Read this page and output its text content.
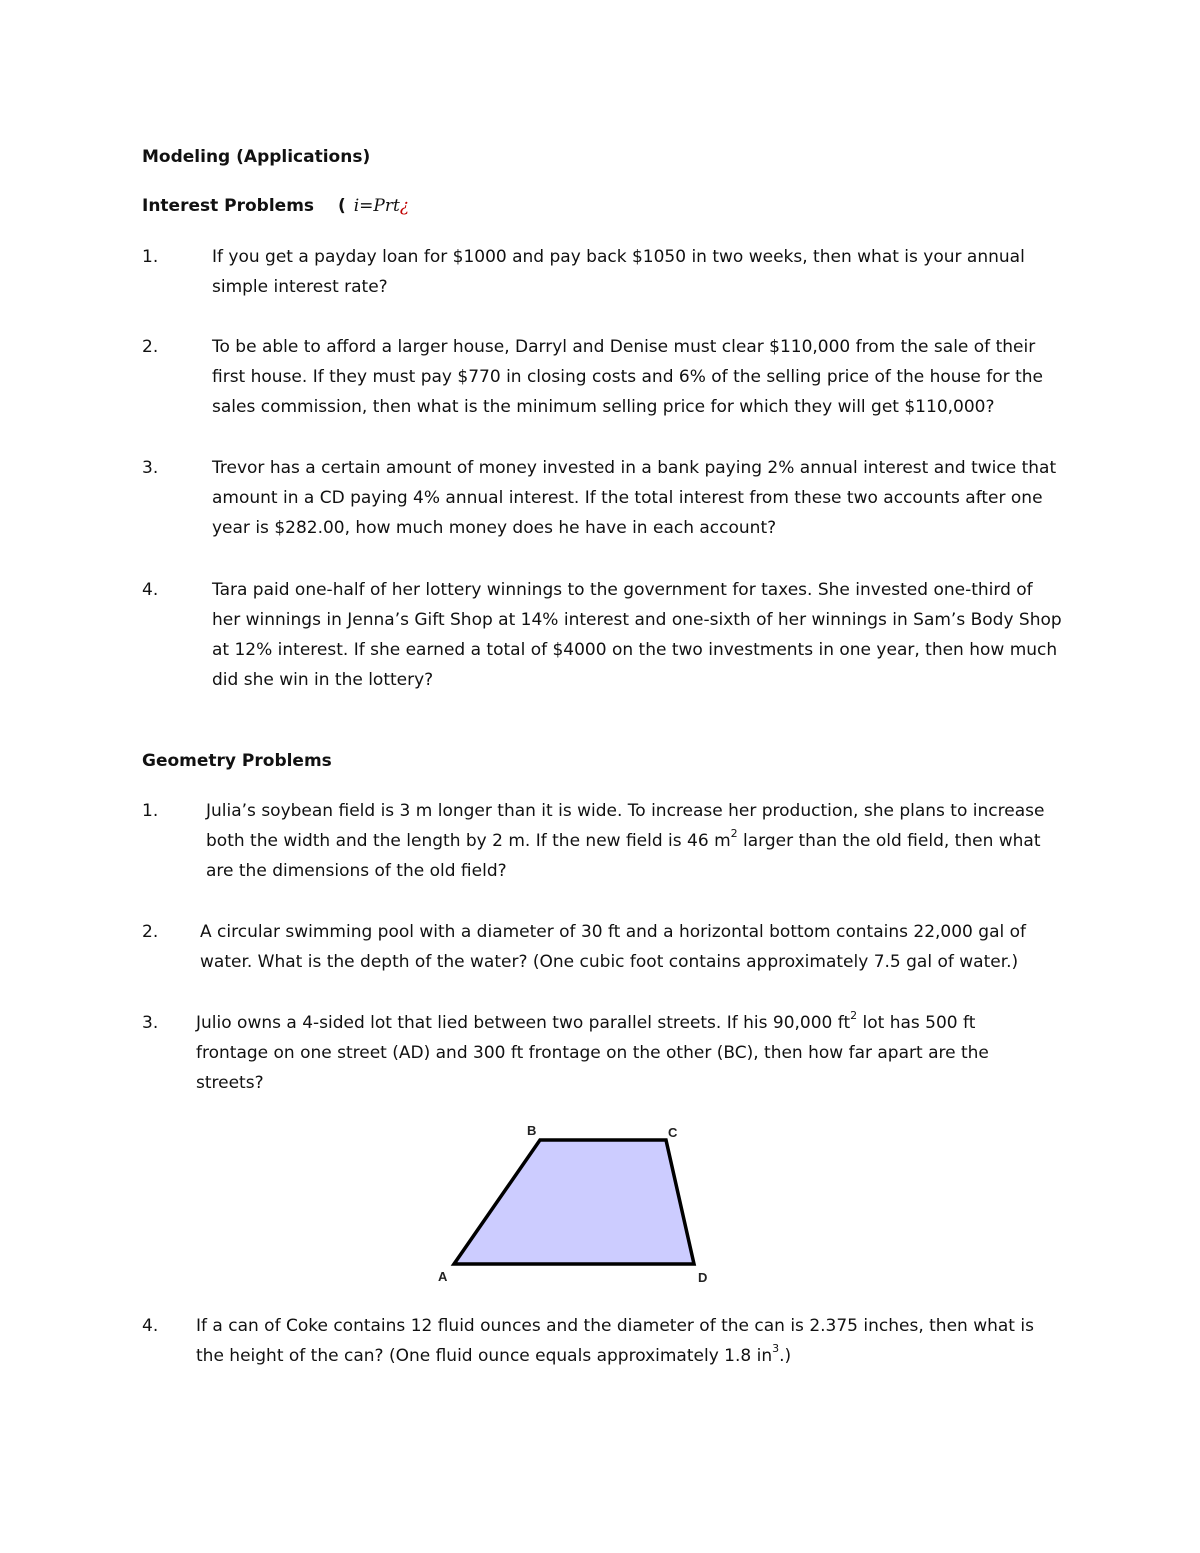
Modeling (Applications)
Interest Problems ( i=Prt¿
1.	If you get a payday loan for $1000 and pay back $1050 in two weeks, then what is your annual simple interest rate?
2.	To be able to afford a larger house, Darryl and Denise must clear $110,000 from the sale of their first house. If they must pay $770 in closing costs and 6% of the selling price of the house for the sales commission, then what is the minimum selling price for which they will get $110,000?
3.	Trevor has a certain amount of money invested in a bank paying 2% annual interest and twice that amount in a CD paying 4% annual interest. If the total interest from these two accounts after one year is $282.00, how much money does he have in each account?
4.	Tara paid one-half of her lottery winnings to the government for taxes. She invested one-third of her winnings in Jenna’s Gift Shop at 14% interest and one-sixth of her winnings in Sam’s Body Shop at 12% interest. If she earned a total of $4000 on the two investments in one year, then how much did she win in the lottery?
Geometry Problems
1.	Julia’s soybean field is 3 m longer than it is wide. To increase her production, she plans to increase both the width and the length by 2 m. If the new field is 46 $m^2$ larger than the old field, then what are the dimensions of the old field?
2. A circular swimming pool with a diameter of 30 ft and a horizontal bottom contains 22,000 gal of water. What is the depth of the water? (One cubic foot contains approximately 7.5 gal of water.)
3. Julio owns a 4-sided lot that lied between two parallel streets. If his 90,000 $ft^2$ lot has 500 ft frontage on one street (AD) and 300 ft frontage on the other (BC), then how far apart are the streets?
A
B	C
D
4. If a can of Coke contains 12 fluid ounces and the diameter of the can is 2.375 inches, then what is the height of the can? (One fluid ounce equals approximately 1.8 $in^3$.)
